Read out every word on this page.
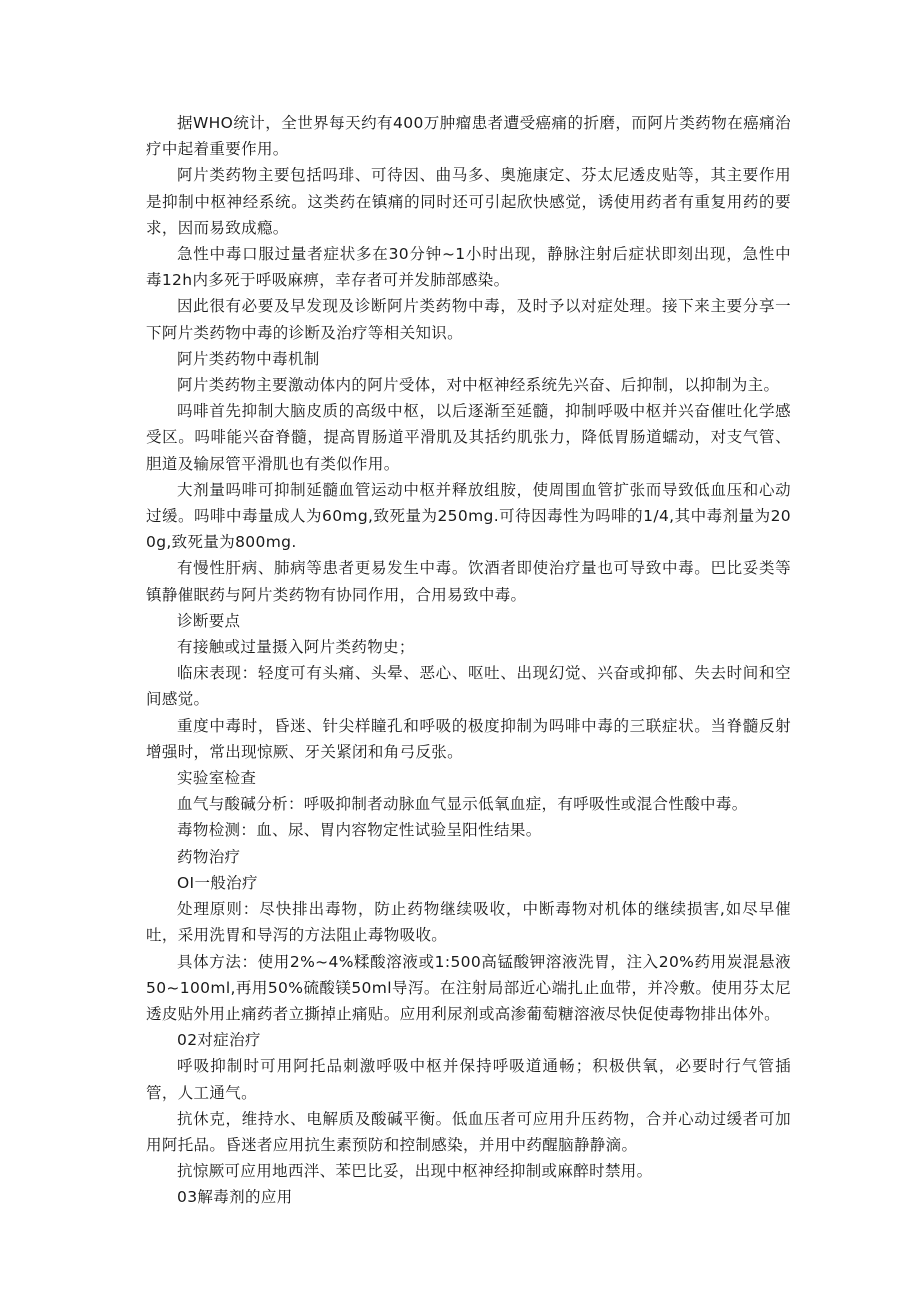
据WHO统计，全世界每天约有400万肿瘤患者遭受癌痛的折磨，而阿片类药物在癌痛治疗中起着重要作用。

阿片类药物主要包括吗琲、可待因、曲马多、奥施康定、芬太尼透皮贴等，其主要作用是抑制中枢神经系统。这类药在镇痛的同时还可引起欣快感觉，诱使用药者有重复用药的要求，因而易致成瘾。

急性中毒口服过量者症状多在30分钟~1小时出现，静脉注射后症状即刻出现，急性中毒12h内多死于呼吸麻痹，幸存者可并发肺部感染。

因此很有必要及早发现及诊断阿片类药物中毒，及时予以对症处理。接下来主要分享一下阿片类药物中毒的诊断及治疗等相关知识。

阿片类药物中毒机制

阿片类药物主要激动体内的阿片受体，对中枢神经系统先兴奋、后抑制，以抑制为主。

吗啡首先抑制大脑皮质的高级中枢，以后逐渐至延髓，抑制呼吸中枢并兴奋催吐化学感受区。吗啡能兴奋脊髓，提高胃肠道平滑肌及其括约肌张力，降低胃肠道蠕动，对支气管、胆道及输尿管平滑肌也有类似作用。

大剂量吗啡可抑制延髓血管运动中枢并释放组胺，使周围血管扩张而导致低血压和心动过缓。吗啡中毒量成人为60mg,致死量为250mg.可待因毒性为吗啡的1/4,其中毒剂量为200g,致死量为800mg.

有慢性肝病、肺病等患者更易发生中毒。饮酒者即使治疗量也可导致中毒。巴比妥类等镇静催眠药与阿片类药物有协同作用，合用易致中毒。

诊断要点

有接触或过量摄入阿片类药物史；

临床表现：轻度可有头痛、头晕、恶心、呕吐、出现幻觉、兴奋或抑郁、失去时间和空间感觉。

重度中毒时，昏迷、针尖样瞳孔和呼吸的极度抑制为吗啡中毒的三联症状。当脊髓反射增强时，常出现惊厥、牙关紧闭和角弓反张。

实验室检查

血气与酸碱分析：呼吸抑制者动脉血气显示低氧血症，有呼吸性或混合性酸中毒。

毒物检测：血、尿、胃内容物定性试验呈阳性结果。

药物治疗

OI一般治疗

处理原则：尽快排出毒物，防止药物继续吸收，中断毒物对机体的继续损害,如尽早催吐，采用洗胃和导泻的方法阻止毒物吸收。

具体方法：使用2%~4%糅酸溶液或1:500高锰酸钾溶液洗胃，注入20%药用炭混悬液50~100ml,再用50%硫酸镁50ml导泻。在注射局部近心端扎止血带，并冷敷。使用芬太尼透皮贴外用止痛药者立撕掉止痛贴。应用利尿剂或高渗葡萄糖溶液尽快促使毒物排出体外。

02对症治疗

呼吸抑制时可用阿托品刺激呼吸中枢并保持呼吸道通畅；积极供氧，必要时行气管插管，人工通气。

抗休克，维持水、电解质及酸碱平衡。低血压者可应用升压药物，合并心动过缓者可加用阿托品。昏迷者应用抗生素预防和控制感染，并用中药醒脑静静滴。

抗惊厥可应用地西泮、苯巴比妥，出现中枢神经抑制或麻醉时禁用。

03解毒剂的应用
